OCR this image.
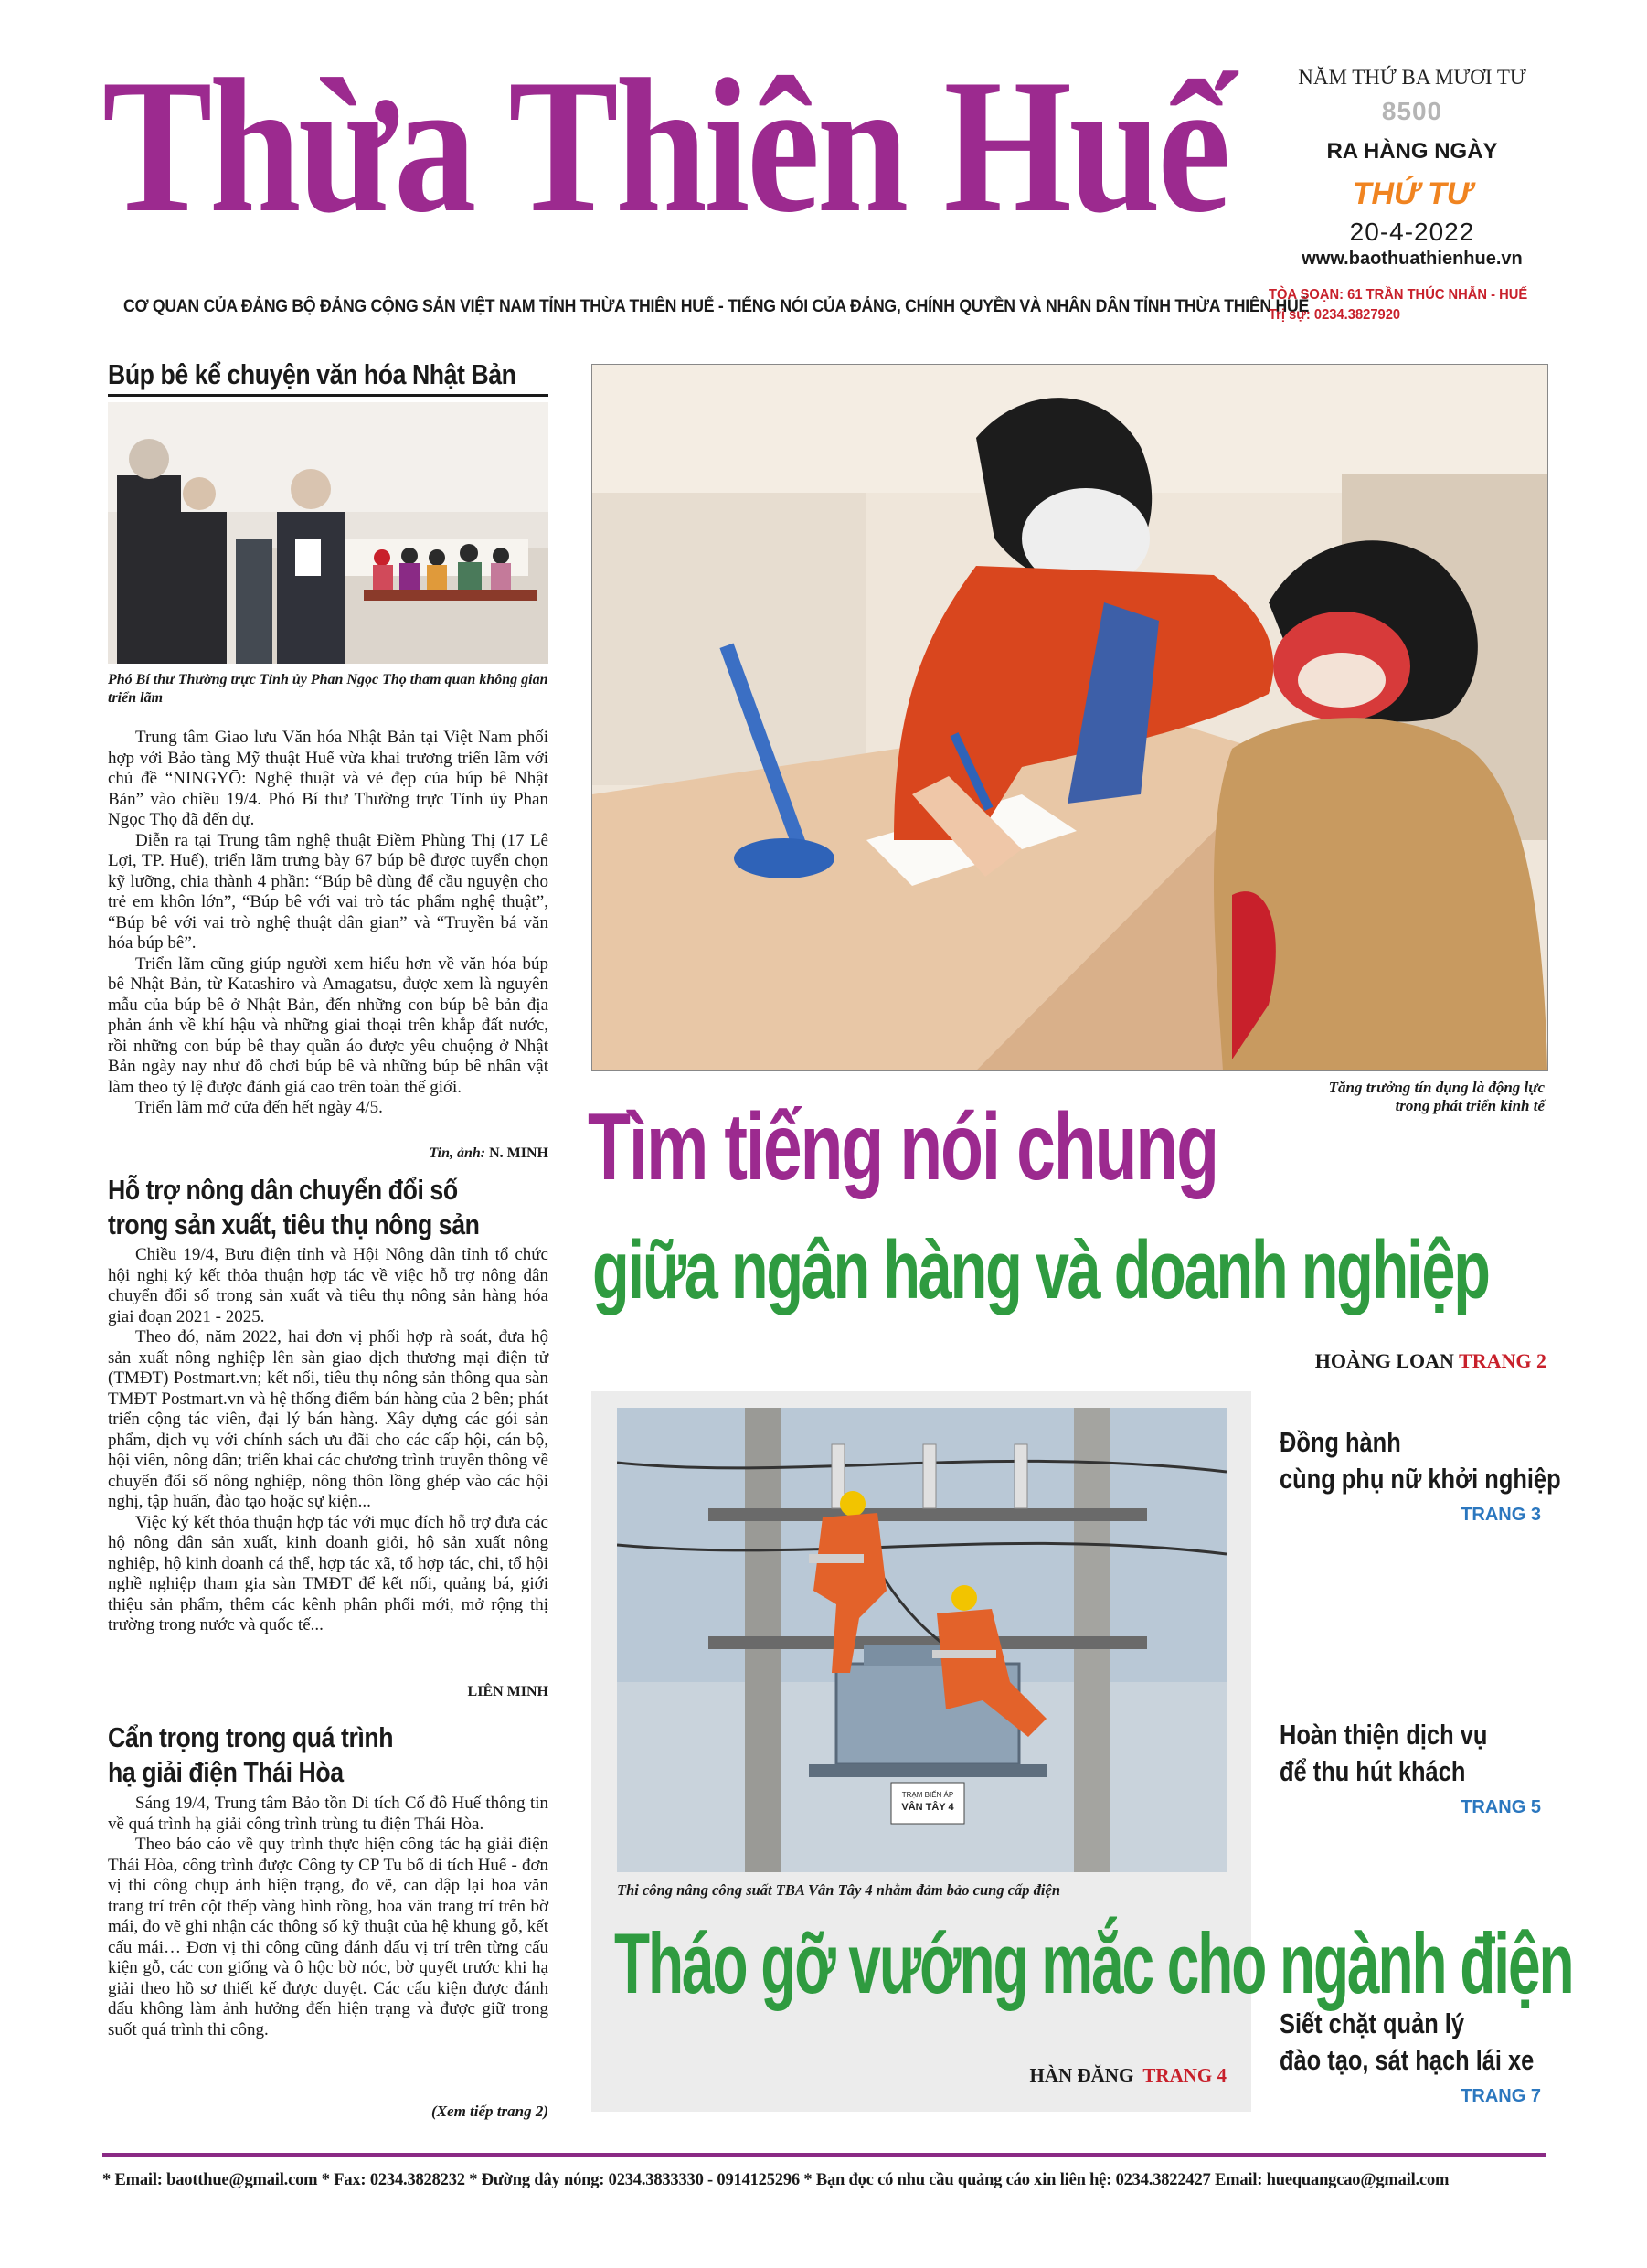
Thừa Thiên Huế
CƠ QUAN CỦA ĐẢNG BỘ ĐẢNG CỘNG SẢN VIỆT NAM TỈNH THỪA THIÊN HUẾ - TIẾNG NÓI CỦA ĐẢNG, CHÍNH QUYỀN VÀ NHÂN DÂN TỈNH THỪA THIÊN HUẾ
NĂM THỨ BA MƯƠI TƯ
8500
RA HÀNG NGÀY
THỨ TƯ
20-4-2022
www.baothuathienhue.vn
TÒA SOẠN: 61 TRẦN THÚC NHẪN - HUẾ
Trị sự: 0234.3827920
Búp bê kể chuyện văn hóa Nhật Bản
Phó Bí thư Thường trực Tỉnh ủy Phan Ngọc Thọ tham quan không gian triển lãm

Trung tâm Giao lưu Văn hóa Nhật Bản tại Việt Nam phối hợp với Bảo tàng Mỹ thuật Huế vừa khai trương triển lãm với chủ đề “NINGYŌ: Nghệ thuật và vẻ đẹp của búp bê Nhật Bản” vào chiều 19/4. Phó Bí thư Thường trực Tỉnh ủy Phan Ngọc Thọ đã đến dự.

Diễn ra tại Trung tâm nghệ thuật Điềm Phùng Thị (17 Lê Lợi, TP. Huế), triển lãm trưng bày 67 búp bê được tuyển chọn kỹ lưỡng, chia thành 4 phần: “Búp bê dùng để cầu nguyện cho trẻ em khôn lớn”, “Búp bê với vai trò tác phẩm nghệ thuật”, “Búp bê với vai trò nghệ thuật dân gian” và “Truyền bá văn hóa búp bê”.

Triển lãm cũng giúp người xem hiểu hơn về văn hóa búp bê Nhật Bản, từ Katashiro và Amagatsu, được xem là nguyên mẫu của búp bê ở Nhật Bản, đến những con búp bê bản địa phản ánh về khí hậu và những giai thoại trên khắp đất nước, rồi những con búp bê thay quần áo được yêu chuộng ở Nhật Bản ngày nay như đồ chơi búp bê và những búp bê nhân vật làm theo tỷ lệ được đánh giá cao trên toàn thế giới.

Triển lãm mở cửa đến hết ngày 4/5.

Tin, ảnh: N. MINH
Hỗ trợ nông dân chuyển đổi số
trong sản xuất, tiêu thụ nông sản

Chiều 19/4, Bưu điện tỉnh và Hội Nông dân tỉnh tổ chức hội nghị ký kết thỏa thuận hợp tác về việc hỗ trợ nông dân chuyển đổi số trong sản xuất và tiêu thụ nông sản hàng hóa giai đoạn 2021 - 2025.

Theo đó, năm 2022, hai đơn vị phối hợp rà soát, đưa hộ sản xuất nông nghiệp lên sàn giao dịch thương mại điện tử (TMĐT) Postmart.vn; kết nối, tiêu thụ nông sản thông qua sàn TMĐT Postmart.vn và hệ thống điểm bán hàng của 2 bên; phát triển cộng tác viên, đại lý bán hàng. Xây dựng các gói sản phẩm, dịch vụ với chính sách ưu đãi cho các cấp hội, cán bộ, hội viên, nông dân; triển khai các chương trình truyền thông về chuyển đổi số nông nghiệp, nông thôn lồng ghép vào các hội nghị, tập huấn, đào tạo hoặc sự kiện...

Việc ký kết thỏa thuận hợp tác với mục đích hỗ trợ đưa các hộ nông dân sản xuất, kinh doanh giỏi, hộ sản xuất nông nghiệp, hộ kinh doanh cá thể, hợp tác xã, tổ hợp tác, chi, tổ hội nghề nghiệp tham gia sàn TMĐT để kết nối, quảng bá, giới thiệu sản phẩm, thêm các kênh phân phối mới, mở rộng thị trường trong nước và quốc tế...

LIÊN MINH
Cẩn trọng trong quá trình
hạ giải điện Thái Hòa

Sáng 19/4, Trung tâm Bảo tồn Di tích Cố đô Huế thông tin về quá trình hạ giải công trình trùng tu điện Thái Hòa.

Theo báo cáo về quy trình thực hiện công tác hạ giải điện Thái Hòa, công trình được Công ty CP Tu bổ di tích Huế - đơn vị thi công chụp ảnh hiện trạng, đo vẽ, can dập lại hoa văn trang trí trên cột thếp vàng hình rồng, hoa văn trang trí trên bờ mái, đo vẽ ghi nhận các thông số kỹ thuật của hệ khung gỗ, kết cấu mái… Đơn vị thi công cũng đánh dấu vị trí trên từng cấu kiện gỗ, các con giống và ô hộc bờ nóc, bờ quyết trước khi hạ giải theo hồ sơ thiết kế được duyệt. Các cấu kiện được đánh dấu không làm ảnh hưởng đến hiện trạng và được giữ trong suốt quá trình thi công.

(Xem tiếp trang 2)
Tăng trưởng tín dụng là động lực
trong phát triển kinh tế
Tìm tiếng nói chung
giữa ngân hàng và doanh nghiệp
HOÀNG LOAN TRANG 2
TRẠM BIẾN ÁP
VÂN TÂY 4
Thi công nâng công suất TBA Vân Tây 4 nhằm đảm bảo cung cấp điện
Tháo gỡ vướng mắc cho ngành điện
HÀN ĐĂNG TRANG 4
Đồng hành
cùng phụ nữ khởi nghiệp
TRANG 3
Hoàn thiện dịch vụ
để thu hút khách
TRANG 5
Siết chặt quản lý
đào tạo, sát hạch lái xe
TRANG 7
* Email: baotthue@gmail.com * Fax: 0234.3828232 * Đường dây nóng: 0234.3833330 - 0914125296 * Bạn đọc có nhu cầu quảng cáo xin liên hệ: 0234.3822427 Email: huequangcao@gmail.com
